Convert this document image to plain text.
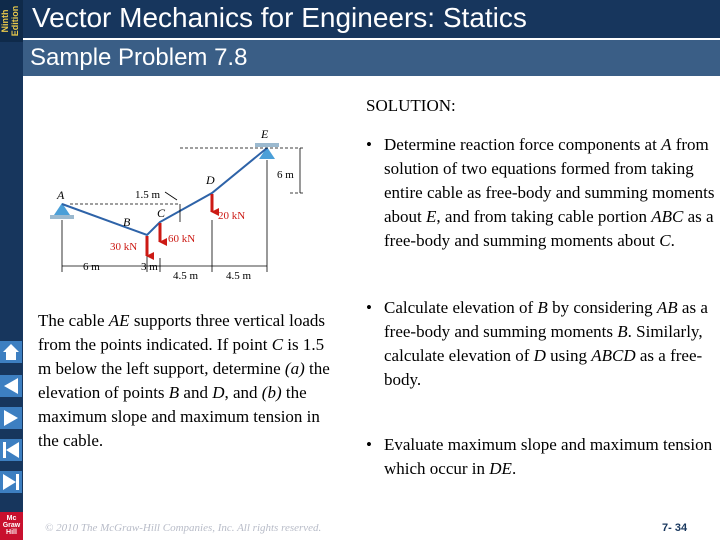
Ninth Edition Vector Mechanics for Engineers: Statics
Sample Problem 7.8
Mc Graw Hill
A
B
C
D
E
1.5 m
6 m
6 m	3 m
4.5 m	4.5 m
30 kN
60 kN
20 kN
SOLUTION:
• Determine reaction force components at A from solution of two equations formed from taking entire cable as free-body and summing moments about E, and from taking cable portion ABC as a free-body and summing moments about C.
• Calculate elevation of B by considering AB as a free-body and summing moments B. Similarly, calculate elevation of D using ABCD as a free-body.
• Evaluate maximum slope and maximum tension which occur in DE.
The cable AE supports three vertical loads from the points indicated. If point C is 1.5 m below the left support, determine (a) the elevation of points B and D, and (b) the maximum slope and maximum tension in the cable.
© 2010 The McGraw-Hill Companies, Inc. All rights reserved.	7- 34
